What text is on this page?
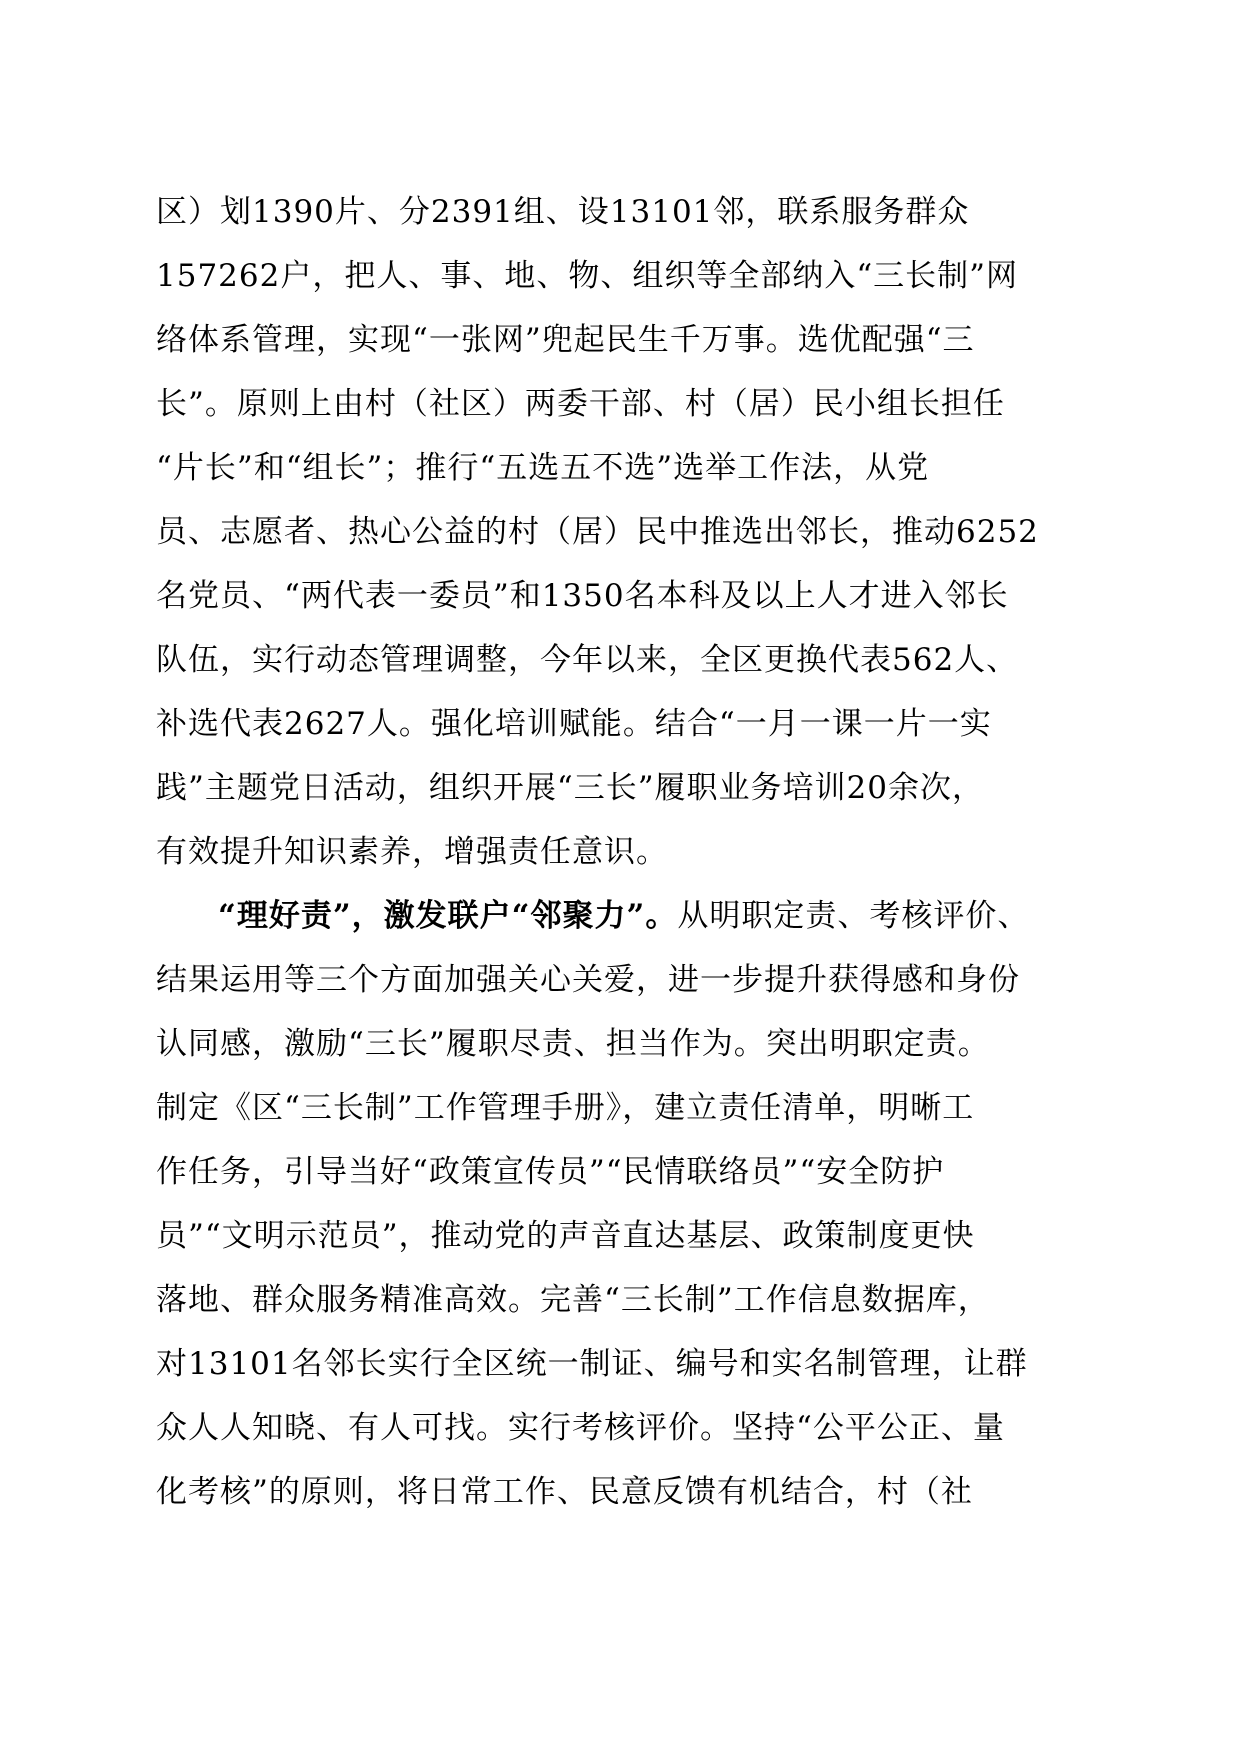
区）划1390片、分2391组、设13101邻，联系服务群众
157262户，把人、事、地、物、组织等全部纳入“三长制”网
络体系管理，实现“一张网”兜起民生千万事。选优配强“三
长”。原则上由村（社区）两委干部、村（居）民小组长担任
“片长”和“组长”；推行“五选五不选”选举工作法，从党
员、志愿者、热心公益的村（居）民中推选出邻长，推动6252
名党员、“两代表一委员”和1350名本科及以上人才进入邻长
队伍，实行动态管理调整，今年以来，全区更换代表562人、
补选代表2627人。强化培训赋能。结合“一月一课一片一实
践”主题党日活动，组织开展“三长”履职业务培训20余次，
有效提升知识素养，增强责任意识。
“理好责”，激发联户“邻聚力”。从明职定责、考核评价、
结果运用等三个方面加强关心关爱，进一步提升获得感和身份
认同感，激励“三长”履职尽责、担当作为。突出明职定责。
制定《区“三长制”工作管理手册》，建立责任清单，明晰工
作任务，引导当好“政策宣传员”“民情联络员”“安全防护
员”“文明示范员”，推动党的声音直达基层、政策制度更快
落地、群众服务精准高效。完善“三长制”工作信息数据库，
对13101名邻长实行全区统一制证、编号和实名制管理，让群
众人人知晓、有人可找。实行考核评价。坚持“公平公正、量
化考核”的原则，将日常工作、民意反馈有机结合，村（社
